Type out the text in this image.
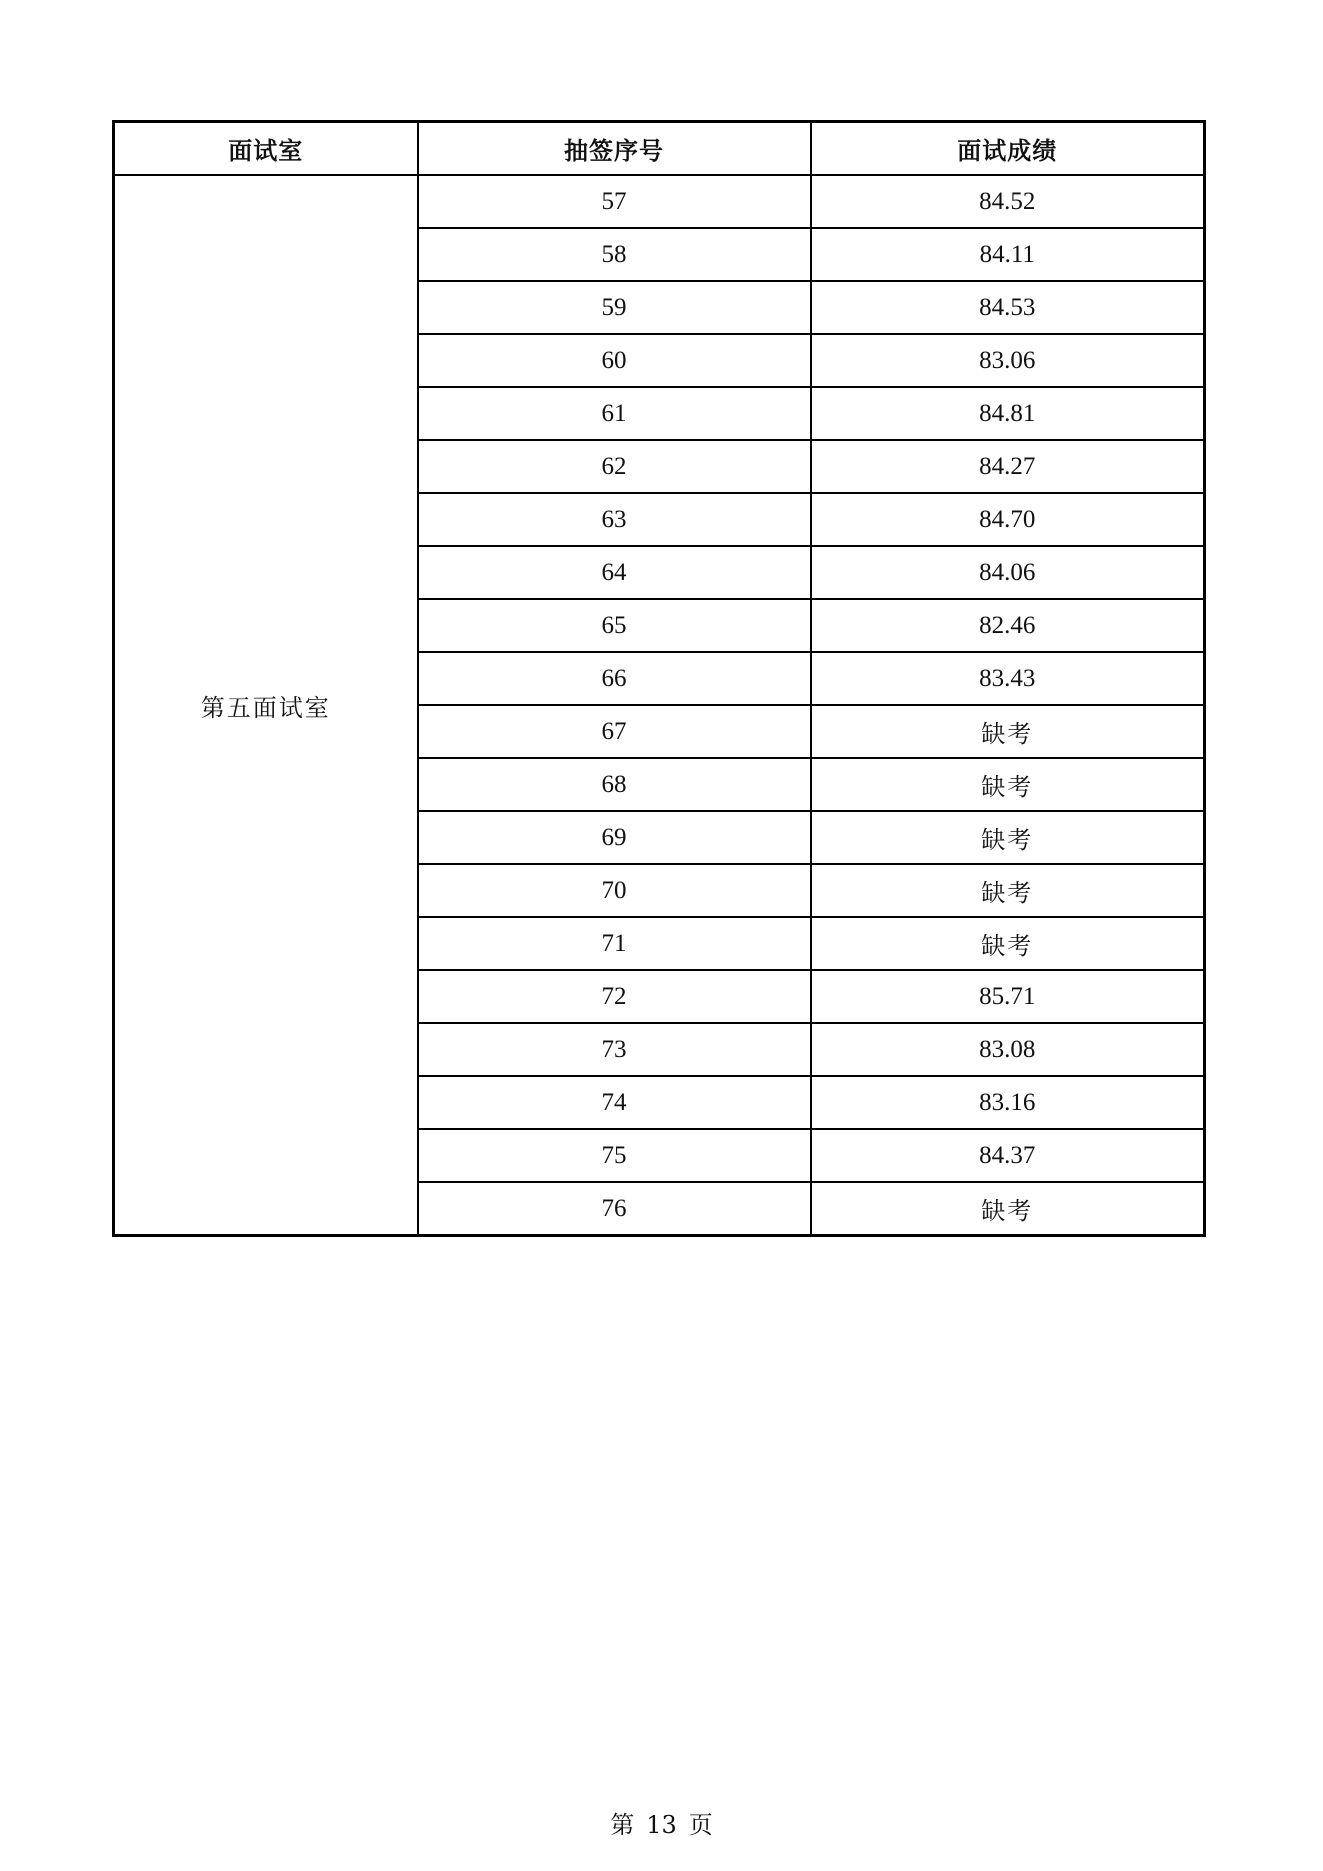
面试室	抽签序号	面试成绩
第五面试室	57	84.52
	58	84.11
	59	84.53
	60	83.06
	61	84.81
	62	84.27
	63	84.70
	64	84.06
	65	82.46
	66	83.43
	67	缺考
	68	缺考
	69	缺考
	70	缺考
	71	缺考
	72	85.71
	73	83.08
	74	83.16
	75	84.37
	76	缺考
第 13 页
